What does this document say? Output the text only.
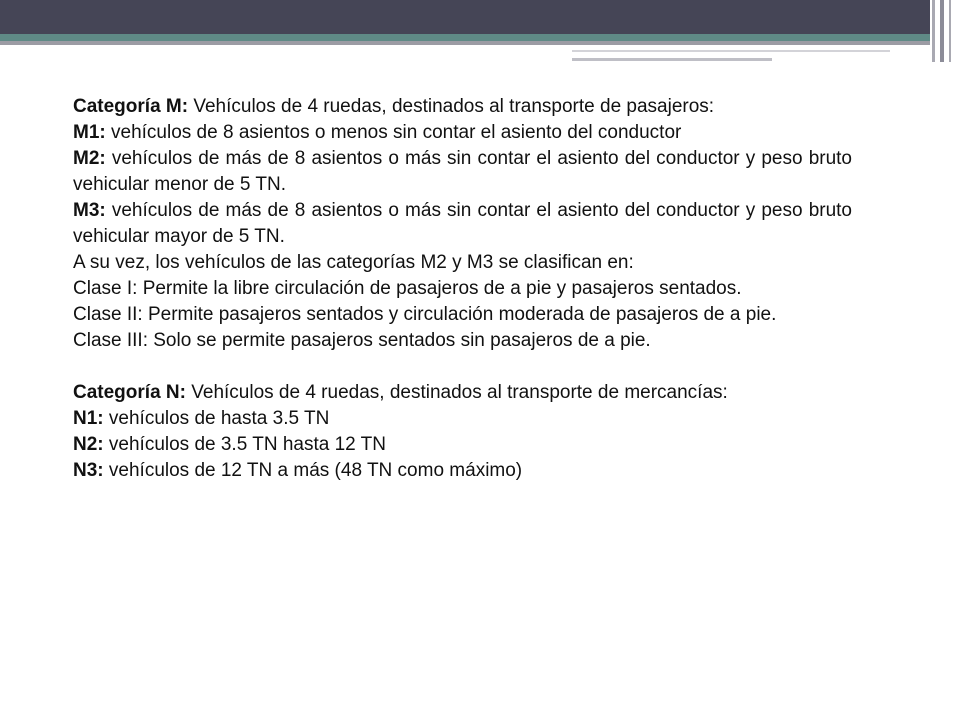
Categoría M: Vehículos de 4 ruedas, destinados al transporte de pasajeros:

M1: vehículos de 8 asientos o menos sin contar el asiento del conductor

M2: vehículos de más de 8 asientos o más sin contar el asiento del conductor y peso bruto vehicular menor de 5 TN.

M3: vehículos de más de 8 asientos o más sin contar el asiento del conductor y peso bruto vehicular mayor de 5 TN.

A su vez, los vehículos de las categorías M2 y M3 se clasifican en:

Clase I: Permite la libre circulación de pasajeros de a pie y pasajeros sentados.

Clase II: Permite pasajeros sentados y circulación moderada de pasajeros de a pie.

Clase III: Solo se permite pasajeros sentados sin pasajeros de a pie.

Categoría N: Vehículos de 4 ruedas, destinados al transporte de mercancías:

N1: vehículos de hasta 3.5 TN

N2: vehículos de 3.5 TN hasta 12 TN

N3: vehículos de 12 TN a más (48 TN como máximo)
